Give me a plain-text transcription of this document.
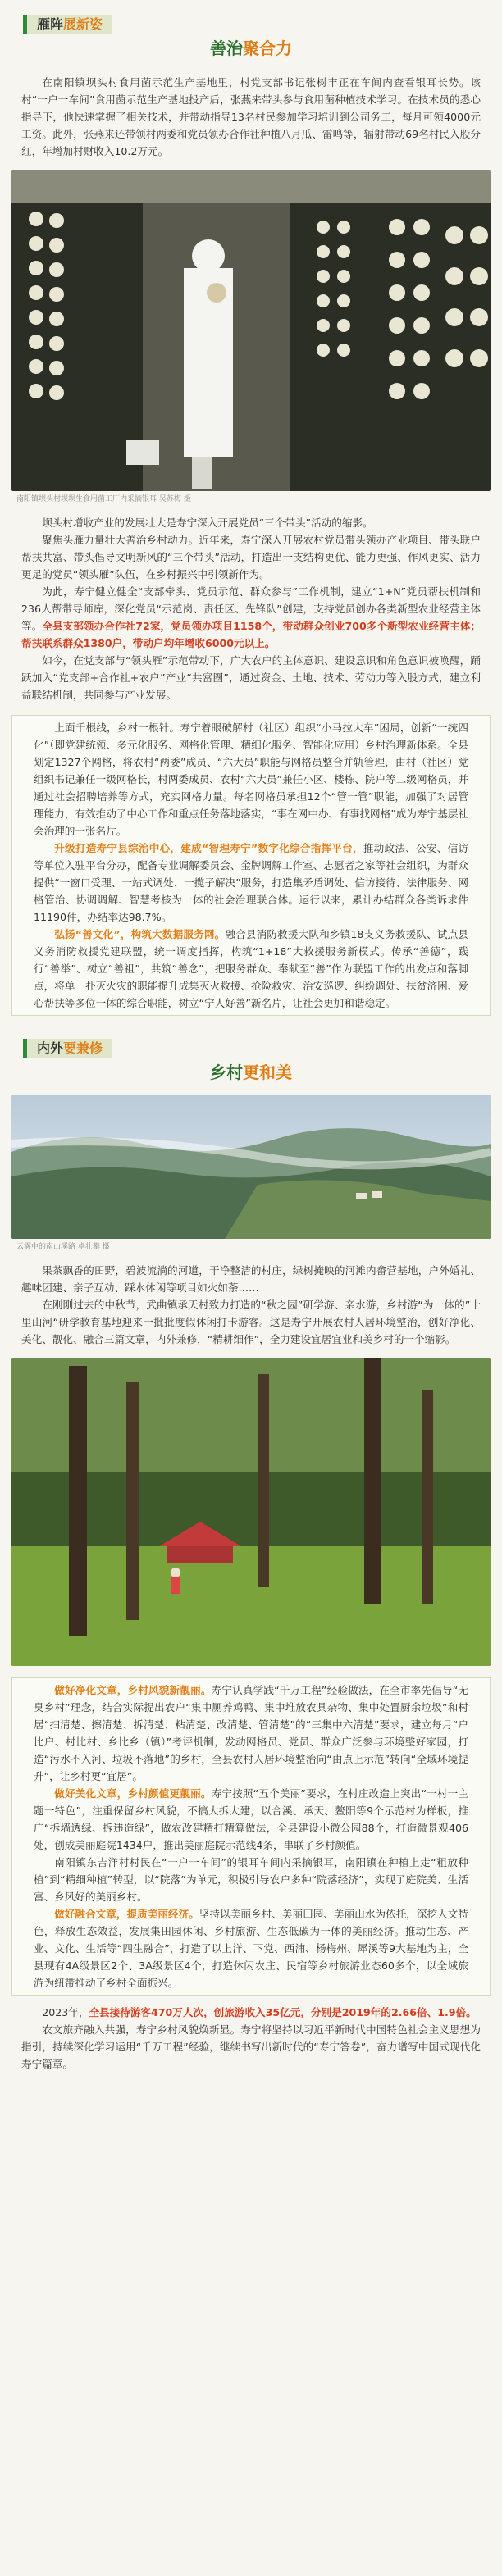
雁阵展新姿
善治聚合力

在南阳镇坝头村食用菌示范生产基地里，村党支部书记张树丰正在车间内查看银耳长势。该村“一户一车间”食用菌示范生产基地投产后，张燕来带头参与食用菌种植技术学习。在技术员的悉心指导下，他快速掌握了相关技术，并带动指导13名村民参加学习培训到公司务工，每月可领4000元工资。此外，张燕来还带领村两委和党员领办合作社种植八月瓜、雷鸣等，辐射带动69名村民入股分红，年增加村财收入10.2万元。

南阳镇坝头村坝坝生食用菌工厂内采摘银耳 吴苏梅 摄

坝头村增收产业的发展壮大是寿宁深入开展党员“三个带头”活动的缩影。

聚焦头雁力量壮大善治乡村动力。近年来，寿宁深入开展农村党员带头领办产业项目、带头联户帮扶共富、带头倡导文明新风的“三个带头”活动，打造出一支结构更优、能力更强、作风更实、活力更足的党员“领头雁”队伍，在乡村振兴中引领新作为。

为此，寿宁健立健全“支部牵头、党员示范、群众参与”工作机制，建立“1+N”党员帮扶机制和236人帮带导师库，深化党员“示范岗、责任区、先锋队”创建，支持党员创办各类新型农业经营主体等。全县支部领办合作社72家，党员领办项目1158个，带动群众创业700多个新型农业经营主体；帮扶联系群众1380户，带动户均年增收6000元以上。

如今，在党支部与“领头雁”示范带动下，广大农户的主体意识、建设意识和角色意识被唤醒，踊跃加入“党支部+合作社+农户”产业“共富圈”，通过资金、土地、技术、劳动力等入股方式，建立利益联结机制，共同参与产业发展。

上面千根线，乡村一根针。寿宁着眼破解村（社区）组织“小马拉大车”困局，创新“一统四化”（即党建统领、多元化服务、网格化管理、精细化服务、智能化应用）乡村治理新体系。全县划定1327个网格，将农村“两委”成员、“六大员”职能与网格员整合并轨管理，由村（社区）党组织书记兼任一级网格长，村两委成员、农村“六大员”兼任小区、楼栋、院户等二级网格员，并通过社会招聘培养等方式，充实网格力量。每名网格员承担12个“管一管”职能，加强了对居管理能力，有效推动了中心工作和重点任务落地落实，“事在网中办、有事找网格”成为寿宁基层社会治理的一张名片。

升级打造寿宁县综治中心，建成“智理寿宁”数字化综合指挥平台，推动政法、公安、信访等单位入驻平台分办，配备专业调解委员会、金牌调解工作室、志愿者之家等社会组织，为群众提供“一窗口受理、一站式调处、一揽子解决”服务，打造集矛盾调处、信访接待、法律服务、网格管治、协调调解、智慧考核为一体的社会治理联合体。运行以来，累计办结群众各类诉求件11190件，办结率达98.7%。

弘扬“善文化”，构筑大数据服务网。融合县消防救援大队和乡镇18支义务救援队、试点县义务消防救援党建联盟，统一调度指挥，构筑“1+18”大救援服务新模式。传承“善德”，践行“善举”、树立“善祖”，共筑“善念”，把服务群众、奉献至“善”作为联盟工作的出发点和落脚点，将单一扑灭火灾的职能提升成集灭火救援、抢险救灾、治安巡逻、纠纷调处、扶贫济困、爱心帮扶等多位一体的综合职能，树立“宁人好善”新名片，让社会更加和谐稳定。

内外要兼修
乡村更和美
云雾中的南山溪路 卓壮攀 摄

果茶飘香的田野，碧波流淌的河道，干净整洁的村庄，绿树掩映的河滩内畲营基地，户外婚礼、趣味团建、亲子互动、踩水休闲等项目如火如荼……

在刚刚过去的中秋节，武曲镇承天村致力打造的“秋之园”研学游、亲水游，乡村游“为一体的”十里山河“研学教育基地迎来一批批度假休闲打卡游客。这是寿宁开展农村人居环境整治，创好净化、美化、靓化、融合三篇文章，内外兼修，“精耕细作”，全力建设宜居宜业和美乡村的一个缩影。

做好净化文章，乡村风貌新靓丽。寿宁认真学践“千万工程”经验做法，在全市率先倡导“无臭乡村”理念，结合实际提出农户“集中厕养鸡鸭、集中堆放农具杂物、集中处置厨余垃圾”和村居“扫清楚、擦清楚、拆清楚、粘清楚、改清楚、管清楚”的“三集中六清楚”要求，建立每月“户比户、村比村、乡比乡（镇）”考评机制，发动网格员、党员、群众广泛参与环境整好家园，打造“污水不入河、垃圾不落地”的乡村，全县农村人居环境整治向“由点上示范”转向“全域环境提升”，让乡村更“宜居”。

做好美化文章，乡村颜值更靓丽。寿宁按照“五个美丽”要求，在村庄改造上突出“一村一主题一特色”，注重保留乡村风貌，不搞大拆大建，以合溪、承天、鳌阳等9个示范村为样板，推广“拆墙透绿、拆违造绿”，做农改建精打精算做法，全县建设小微公园88个，打造微景观406处，创成美丽庭院1434户，推出美丽庭院示范线4条，串联了乡村颜值。

南阳镇东吉洋村村民在“一户一车间”的银耳车间内采摘银耳，南阳镇在种植上走“粗放种植”到“精细种植”转型，以“院落”为单元，积极引导农户多种“院落经济”，实现了庭院美、生活富、乡风好的美丽乡村。

做好融合文章，提质美丽经济。坚持以美丽乡村、美丽田园、美丽山水为依托，深挖人文特色，释放生态效益，发展集田园休闲、乡村旅游、生态低碳为一体的美丽经济。推动生态、产业、文化、生活等“四生融合”，打造了以上洋、下党、西浦、杨梅州、犀溪等9大基地为主，全县现有4A级景区2个、3A级景区4个，打造休闲农庄、民宿等乡村旅游业态60多个，以全域旅游为纽带推动了乡村全面振兴。

2023年，全县接待游客470万人次，创旅游收入35亿元，分别是2019年的2.66倍、1.9倍。

农文旅齐融入共强，寿宁乡村风貌焕新显。寿宁将坚持以习近平新时代中国特色社会主义思想为指引，持续深化学习运用“千万工程”经验，继续书写出新时代的“寿宁答卷”，奋力谱写中国式现代化寿宁篇章。
